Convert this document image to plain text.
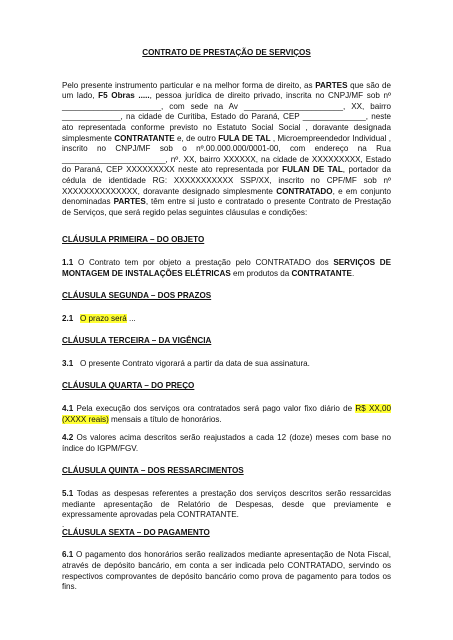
CONTRATO DE PRESTAÇÃO DE SERVIÇOS

Pelo presente instrumento particular e na melhor forma de direito, as PARTES que são de um lado, F5 Obras ....., pessoa jurídica de direito privado, inscrita no CNPJ/MF sob nº ______________________, com sede na Av ______________________, XX, bairro _____________, na cidade de Curitiba, Estado do Paraná, CEP ______________, neste ato representada conforme previsto no Estatuto Social Social , doravante designada simplesmente CONTRATANTE e, de outro FULA DE TAL , Microempreendedor Individual , inscrito no CNPJ/MF sob o nº.00.000.000/0001-00, com endereço na Rua _______________________, nº. XX, bairro XXXXXX, na cidade de XXXXXXXXX, Estado do Paraná, CEP XXXXXXXXX neste ato representada por FULAN DE TAL, portador da cédula de identidade RG: XXXXXXXXXXX SSP/XX, inscrito no CPF/MF sob nº XXXXXXXXXXXXXX, doravante designado simplesmente CONTRATADO, e em conjunto denominadas PARTES, têm entre si justo e contratado o presente Contrato de Prestação de Serviços, que será regido pelas seguintes cláusulas e condições:

CLÁUSULA PRIMEIRA – DO OBJETO

1.1 O Contrato tem por objeto a prestação pelo CONTRATADO dos SERVIÇOS DE MONTAGEM DE INSTALAÇÕES ELÉTRICAS em produtos da CONTRATANTE.

CLÁUSULA SEGUNDA – DOS PRAZOS

2.1 O prazo será ...

CLÁUSULA TERCEIRA – DA VIGÊNCIA

3.1   O presente Contrato vigorará a partir da data de sua assinatura.

CLÁUSULA QUARTA – DO PREÇO

4.1 Pela execução dos serviços ora contratados será pago valor fixo diário de R$ XX,00 (XXXX reais) mensais a título de honorários.

4.2 Os valores acima descritos serão reajustados a cada 12 (doze) meses com base no índice do IGPM/FGV.

CLÁUSULA QUINTA – DOS RESSARCIMENTOS

5.1 Todas as despesas referentes a prestação dos serviços descritos serão ressarcidas mediante apresentação de Relatório de Despesas, desde que previamente e expressamente aprovadas pela CONTRATANTE.

.

CLÁUSULA SEXTA – DO PAGAMENTO

6.1 O pagamento dos honorários serão realizados mediante apresentação de Nota Fiscal, através de depósito bancário, em conta a ser indicada pelo CONTRATADO, servindo os respectivos comprovantes de depósito bancário como prova de pagamento para todos os fins.
